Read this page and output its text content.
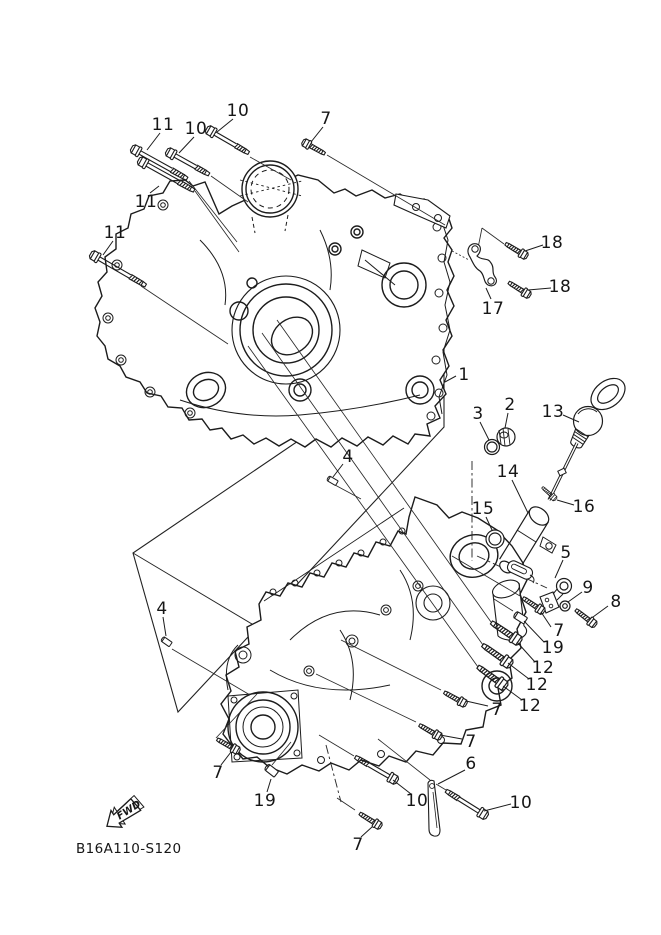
10
11 10	7
11
11	18
18
17
1
3 2 13
4
14
15	16
5
9
8
4
7
19
12
12
12
7
7
6
10	10
7
7
19
FWD
B16A110-S120
